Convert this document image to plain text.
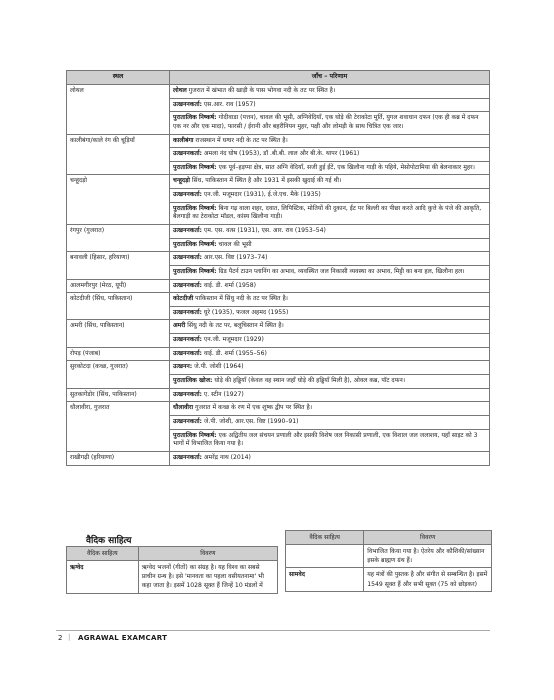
स्थल	जाँच – परिणाम
लोथल	लोथल गुजरात में खंभात की खाड़ी के पास भोगवा नदी के तट पर स्थित है।
	उत्खननकर्ता: एस.आर. राव (1957)
	पुरातात्विक निष्कर्ष: गोदीवाडा (पत्तन), चावल की भूसी, अग्निवेदियाँ, एक घोड़े की टेराकोटा मूर्ति, युगल शवाधान दफन (एक ही कब्र में दफन एक नर और एक मादा), फारसी / ईरानी और बहरीनियन मुहर, पक्षी और लोमड़ी के साथ चित्रित एक जार।
कालीबंगा/काले रंग की चूड़ियाँ	कालीबंगा राजस्थान में घग्घर नदी के तट पर स्थित है।
	उत्खननकर्ता: अमला नंद घोष (1953), डॉ .बी.बी. लाल और बी.के. थापर (1961)
	पुरातात्विक निष्कर्ष: एक पूर्व–हड़प्पा क्षेत्र, सात अग्नि वेदियाँ, सजी हुई ईंटें, एक खिलौना गाड़ी के पहिये, मेसोपोटामिया की बेलनाकार मुहर।
चन्हूदड़ो	चन्हूदड़ो सिंध, पाकिस्तान में स्थित है और 1931 में इसकी खुदाई की गई थी।
	उत्खननकर्ता: एन.जी. मजूमदार (1931), ई.जे.एच. मैके (1935)
	पुरातात्विक निष्कर्ष: बिना गढ़ वाला शहर, दवात, लिपिस्टिक, मोतियों की दुकान, ईंट पर बिल्ली का पीछा करते आदि कुत्ते के पंजे की आकृति, बैलगाड़ी का टेराकोटा मॉडल, कांस्य खिलौना गाड़ी।
रंगपुर (गुजरात)	उत्खननकर्ता: एम. एस. वत्स (1931), एस. आर. राव (1953–54)
	पुरातात्विक निष्कर्ष: चावल की भूसी
बनावली (हिसार, हरियाणा)	उत्खननकर्ता: आर.एस. विष्ट (1973–74)
	पुरातात्विक निष्कर्ष: ग्रिड पैटर्न टाउन प्लानिंग का अभाव, व्यवस्थित जल निकासी व्यवस्था का अभाव, मिट्टी का बना हल, खिलौना हल।
आलमगीरपुर (मेरठ, यूपी)	उत्खननकर्ता: वाई. डी. शर्मा (1958)
कोटदीजी (सिंध, पाकिस्तान)	कोटदीजी पाकिस्तान में सिंधु नदी के तट पर स्थित है।
	उत्खननकर्ता: घुरे (1935), फजल अहमद (1955)
अमरी (सिंध, पाकिस्तान)	अमरी सिंधु नदी के तट पर, बलूचिस्तान में स्थित है।
	उत्खननकर्ता: एन.जी. मजूमदार (1929)
रोपड़ (पंजाब)	उत्खननकर्ता: वाई. डी. शर्मा (1955–56)
सुरकोटदा (कच्छ, गुजरात)	उत्खनन: जे.पी. जोशी (1964)
	पुरातात्विक खोज: घोड़े की हड्डियाँ (केवल वह स्थान जहाँ घोड़े की हड्डियाँ मिली है), ओवल कब्र, पॉट दफन।
सुतकागेंडोर (सिंध, पाकिस्तान)	उत्खननकर्ता: ए. स्टीन (1927)
धौलावीरा, गुजरात	धौलावीरा गुजरात में कच्छ के रण में एक शुष्क द्वीप पर स्थित है।
	उत्खननकर्ता: जे.पी. जोशी, आर.एस. विष्ट (1990–91)
	पुरातात्विक निष्कर्ष: एक अद्वितीय जल संचयन प्रणाली और इसकी विशेष जल निकासी प्रणाली, एक विशाल जल जलाशय, यहाँ साइट को 3 भागों में विभाजित किया गया है।
राखीगढ़ी (हरियाणा)	उत्खननकर्ता: अमरेंद्र नाथ (2014)
वैदिक साहित्य
वैदिक साहित्य	विवरण
ऋग्वेद	ऋग्वेद भजनों (गीतों) का संग्रह है। यह विश्व का सबसे प्राचीन ग्रन्थ है। इसे 'मानवता का पहला वसीयतनामा' भी कहा जाता है। इसमें 1028 सूक्त हैं जिन्हें 10 मंडलों में
वैदिक साहित्य	विवरण
	विभाजित किया गया है। ऐतरेय और कौशिकी/सांख्यान इसके ब्राह्मण ग्रंथ हैं।
सामवेद	यह मंत्रों की पुस्तक है और संगीत से सम्बन्धित है। इसमें 1549 सूक्त हैं और सभी सूक्त (75 को छोड़कर)
2 | AGRAWAL EXAMCART
